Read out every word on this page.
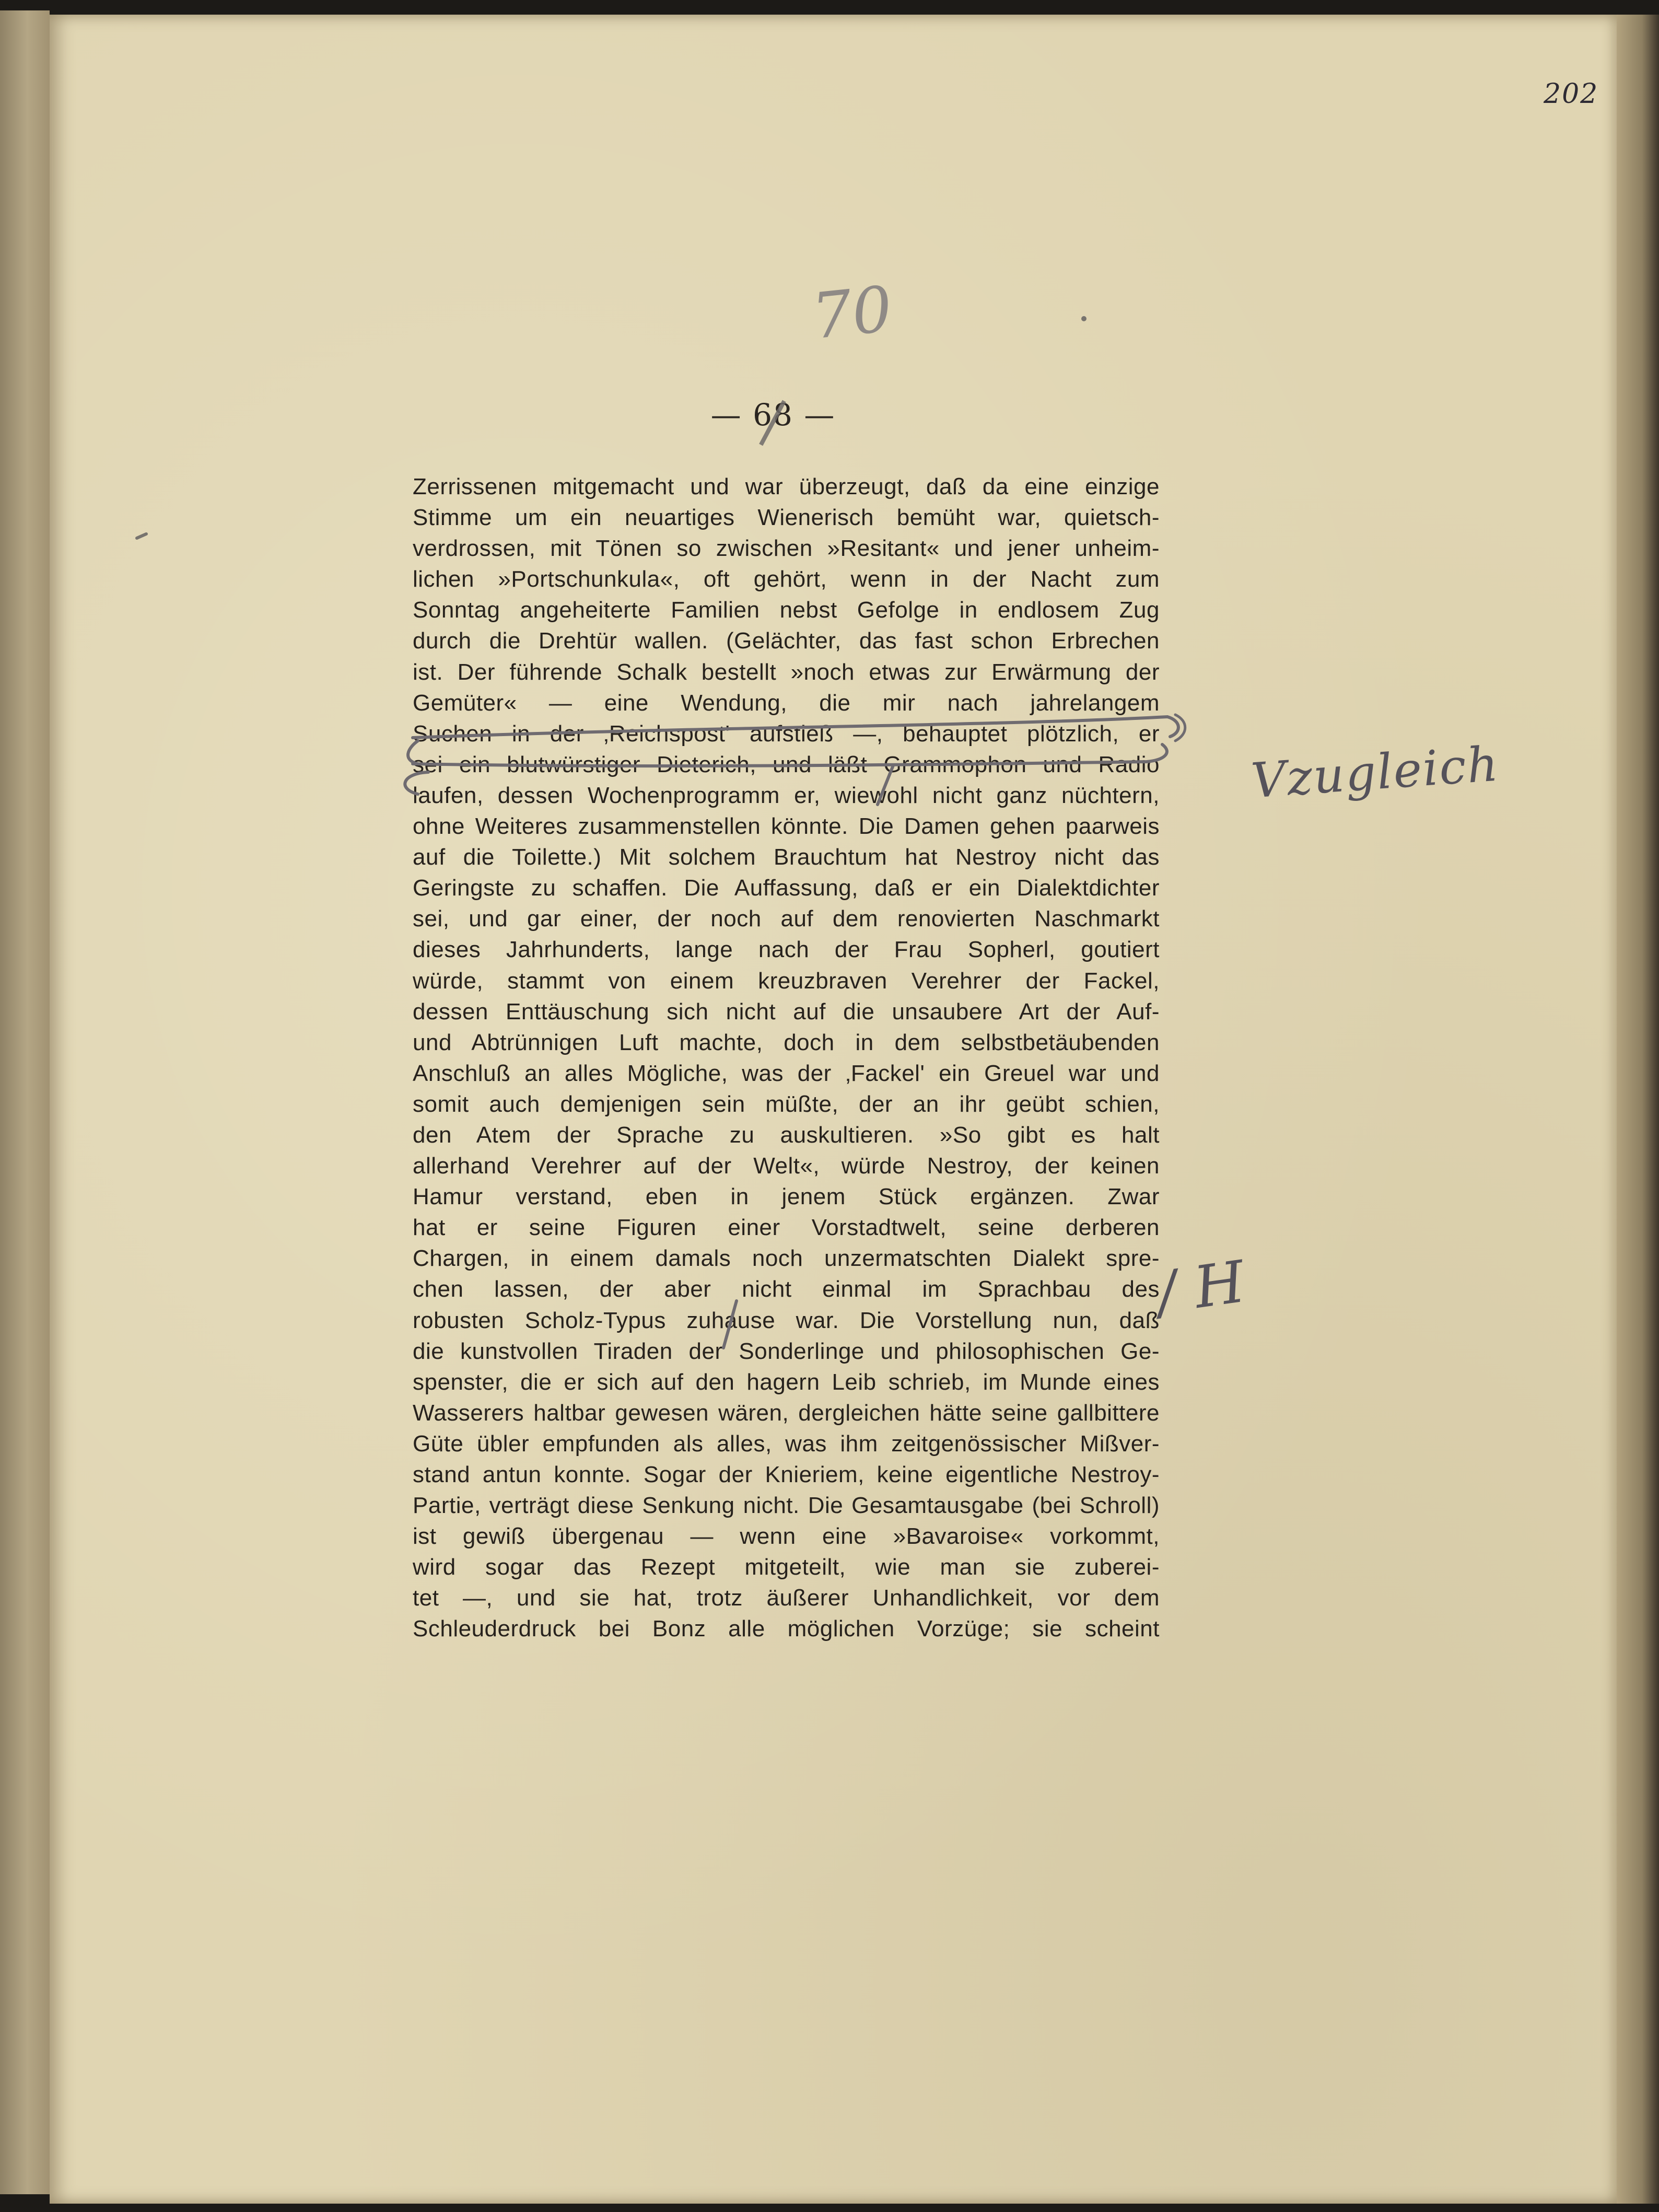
202
70
— 68 —
Zerrissenen mitgemacht und war überzeugt, daß da eine einzige
Stimme um ein neuartiges Wienerisch bemüht war, quietsch-
verdrossen, mit Tönen so zwischen »Resitant« und jener unheim-
lichen »Portschunkula«, oft gehört, wenn in der Nacht zum
Sonntag angeheiterte Familien nebst Gefolge in endlosem Zug
durch die Drehtür wallen. (Gelächter, das fast schon Erbrechen
ist. Der führende Schalk bestellt »noch etwas zur Erwärmung der
Gemüter« — eine Wendung, die mir nach jahrelangem
Suchen in der ‚Reichspost' aufstieß —, behauptet plötzlich, er
sei ein blutwürstiger Dieterich, und läßt Grammophon und Radio
laufen, dessen Wochenprogramm er, wiewohl nicht ganz nüchtern,
ohne Weiteres zusammenstellen könnte. Die Damen gehen paarweis
auf die Toilette.) Mit solchem Brauchtum hat Nestroy nicht das
Geringste zu schaffen. Die Auffassung, daß er ein Dialektdichter
sei, und gar einer, der noch auf dem renovierten Naschmarkt
dieses Jahrhunderts, lange nach der Frau Sopherl, goutiert
würde, stammt von einem kreuzbraven Verehrer der Fackel,
dessen Enttäuschung sich nicht auf die unsaubere Art der Auf-
und Abtrünnigen Luft machte, doch in dem selbstbetäubenden
Anschluß an alles Mögliche, was der ‚Fackel' ein Greuel war und
somit auch demjenigen sein müßte, der an ihr geübt schien,
den Atem der Sprache zu auskultieren. »So gibt es halt
allerhand Verehrer auf der Welt«, würde Nestroy, der keinen
Hamur verstand, eben in jenem Stück ergänzen. Zwar
hat er seine Figuren einer Vorstadtwelt, seine derberen
Chargen, in einem damals noch unzermatschten Dialekt spre-
chen lassen, der aber nicht einmal im Sprachbau des
robusten Scholz-Typus zuhause war. Die Vorstellung nun, daß
die kunstvollen Tiraden der Sonderlinge und philosophischen Ge-
spenster, die er sich auf den hagern Leib schrieb, im Munde eines
Wasserers haltbar gewesen wären, dergleichen hätte seine gallbittere
Güte übler empfunden als alles, was ihm zeitgenössischer Mißver-
stand antun konnte. Sogar der Knieriem, keine eigentliche Nestroy-
Partie, verträgt diese Senkung nicht. Die Gesamtausgabe (bei Schroll)
ist gewiß übergenau — wenn eine »Bavaroise« vorkommt,
wird sogar das Rezept mitgeteilt, wie man sie zuberei-
tet —, und sie hat, trotz äußerer Unhandlichkeit, vor dem
Schleuderdruck bei Bonz alle möglichen Vorzüge; sie scheint
Vzugleich
/ H
